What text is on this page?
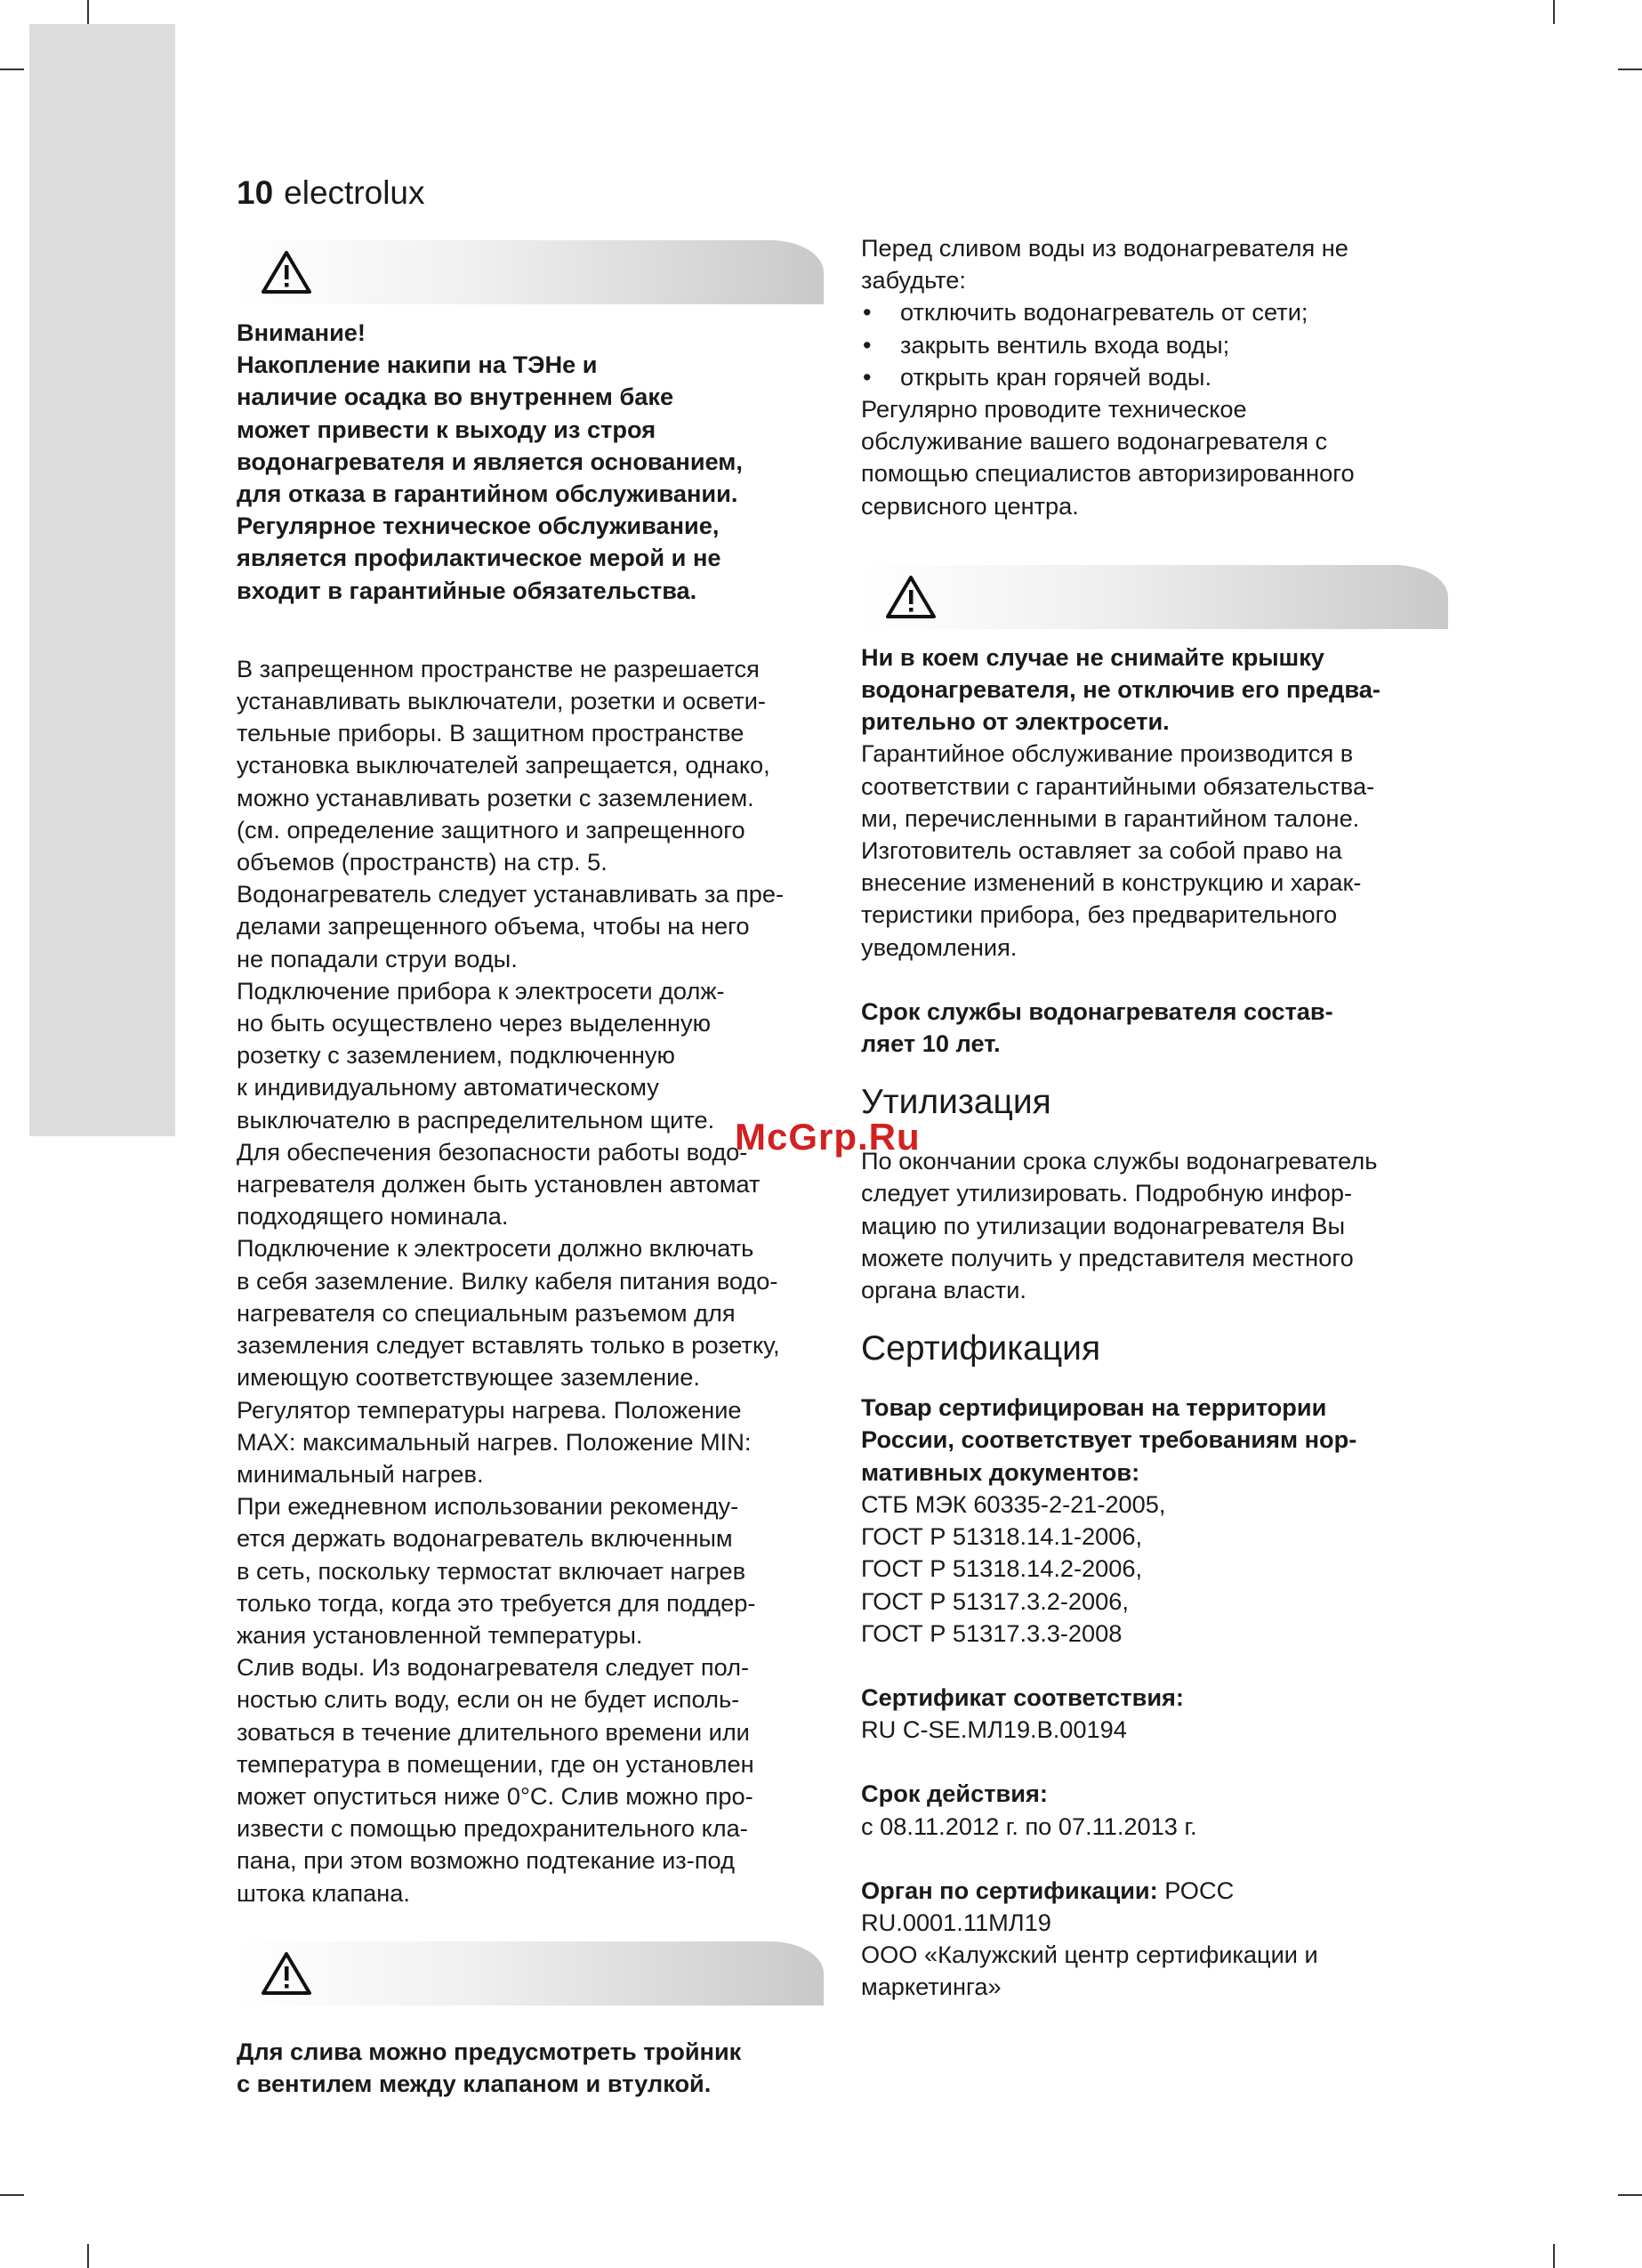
10 electrolux

Внимание!

Накопление накипи на ТЭНе и

наличие осадка во внутреннем баке

может привести к выходу из строя

водонагревателя и является основанием,

для отказа в гарантийном обслуживании.

Регулярное техническое обслуживание,

является профилактическое мерой и не

входит в гарантийные обязательства.

В запрещенном пространстве не разрешается

устанавливать выключатели, розетки и освети-

тельные приборы. В защитном пространстве

установка выключателей запрещается, однако,

можно устанавливать розетки с заземлением.

(см. определение защитного и запрещенного

объемов (пространств) на стр. 5.

Водонагреватель следует устанавливать за пре-

делами запрещенного объема, чтобы на него

не попадали струи воды.

Подключение прибора к электросети долж-

но быть осуществлено через выделенную

розетку с заземлением, подключенную

к индивидуальному автоматическому

выключателю в распределительном щите.

Для обеспечения безопасности работы водо-

нагревателя должен быть установлен автомат

подходящего номинала.

Подключение к электросети должно включать

в себя заземление. Вилку кабеля питания водо-

нагревателя со специальным разъемом для

заземления следует вставлять только в розетку,

имеющую соответствующее заземление.

Регулятор температуры нагрева. Положение

MAX: максимальный нагрев. Положение MIN:

минимальный нагрев.

При ежедневном использовании рекоменду-

ется держать водонагреватель включенным

в сеть, поскольку термостат включает нагрев

только тогда, когда это требуется для поддер-

жания установленной температуры.

Слив воды. Из водонагревателя следует пол-

ностью слить воду, если он не будет исполь-

зоваться в течение длительного времени или

температура в помещении, где он установлен

может опуститься ниже 0°C. Слив можно про-

извести с помощью предохранительного кла-

пана, при этом возможно подтекание из-под

штока клапана.

Для слива можно предусмотреть тройник

с вентилем между клапаном и втулкой.

Перед сливом воды из водонагревателя не

забудьте:

• отключить водонагреватель от сети;
• закрыть вентиль входа воды;
• открыть кран горячей воды.

Регулярно проводите техническое

обслуживание вашего водонагревателя с

помощью специалистов авторизированного

сервисного центра.

Ни в коем случае не снимайте крышку

водонагревателя, не отключив его предва-

рительно от электросети.

Гарантийное обслуживание производится в

соответствии с гарантийными обязательства-

ми, перечисленными в гарантийном талоне.

Изготовитель оставляет за собой право на

внесение изменений в конструкцию и харак-

теристики прибора, без предварительного

уведомления.

Срок службы водонагревателя состав-

ляет 10 лет.

Утилизация

По окончании срока службы водонагреватель

следует утилизировать. Подробную инфор-

мацию по утилизации водонагревателя Вы

можете получить у представителя местного

органа власти.

Сертификация

Товар сертифицирован на территории

России, соответствует требованиям нор-

мативных документов:

СТБ МЭК 60335-2-21-2005,

ГОСТ Р 51318.14.1-2006,

ГОСТ Р 51318.14.2-2006,

ГОСТ Р 51317.3.2-2006,

ГОСТ Р 51317.3.3-2008

Сертификат соответствия:

RU C-SE.МЛ19.В.00194

Срок действия:

с 08.11.2012 г. по 07.11.2013 г.

Орган по сертификации: РОСС

RU.0001.11МЛ19

ООО «Калужский центр сертификации и

маркетинга»

McGrp.Ru
